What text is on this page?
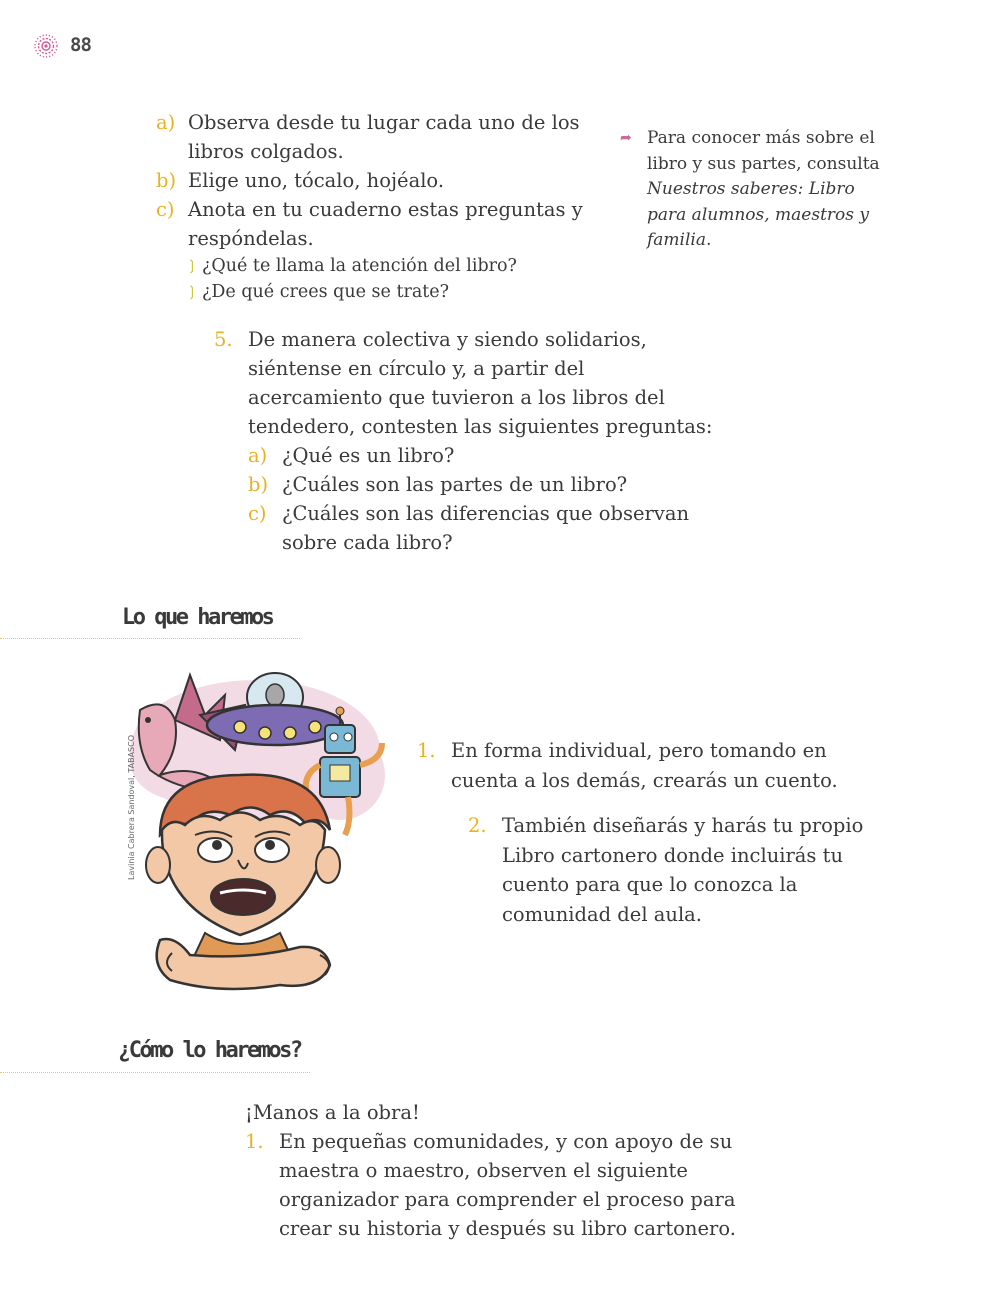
88
a) Observa desde tu lugar cada uno de los libros colgados.
b) Elige uno, tócalo, hojéalo.
c) Anota en tu cuaderno estas preguntas y respóndelas.
❳ ¿Qué te llama la atención del libro?
❳ ¿De qué crees que se trate?
➦ Para conocer más sobre el libro y sus partes, consulta Nuestros saberes: Libro para alumnos, maestros y familia.
5. De manera colectiva y siendo solidarios, siéntense en círculo y, a partir del acercamiento que tuvieron a los libros del tendedero, contesten las siguientes preguntas:
a) ¿Qué es un libro?
b) ¿Cuáles son las partes de un libro?
c) ¿Cuáles son las diferencias que observan sobre cada libro?
Lo que haremos
Lavinia Cabrera Sandoval, TABASCO	1. En forma individual, pero tomando en cuenta a los demás, crearás un cuento.
2. También diseñarás y harás tu propio Libro cartonero donde incluirás tu cuento para que lo conozca la comunidad del aula.
¿Cómo lo haremos?
¡Manos a la obra!
1. En pequeñas comunidades, y con apoyo de su maestra o maestro, observen el siguiente organizador para comprender el proceso para crear su historia y después su libro cartonero.
